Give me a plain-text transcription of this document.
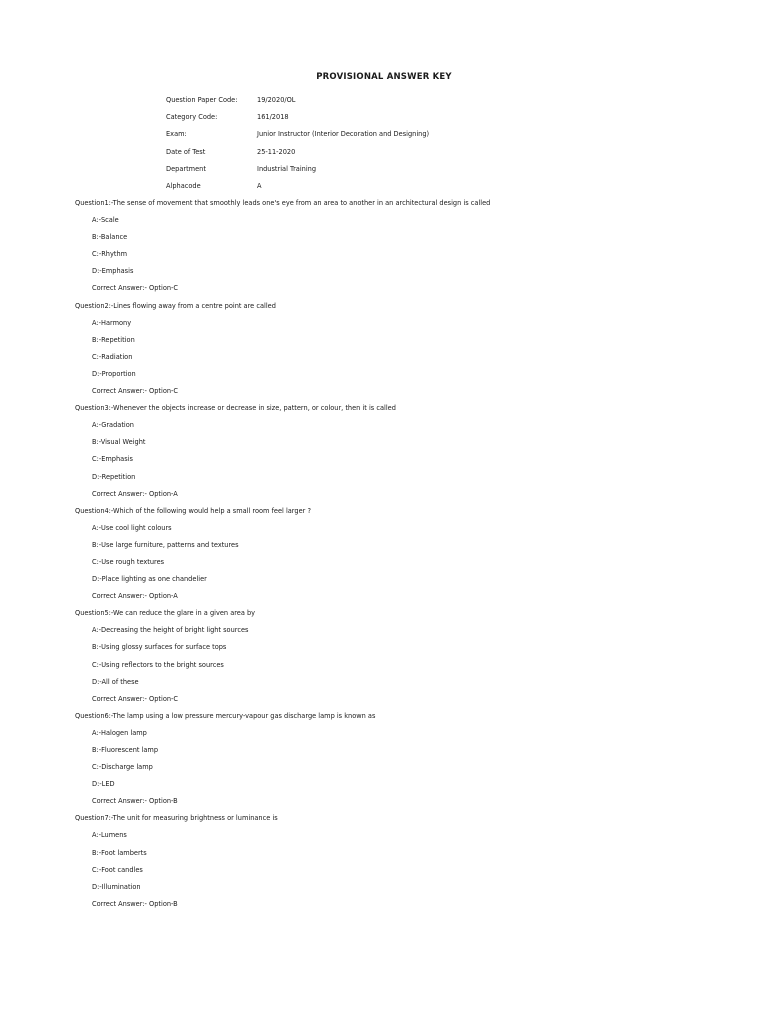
PROVISIONAL ANSWER KEY
Question Paper Code:	19/2020/OL
Category Code:	161/2018
Exam:	Junior Instructor (Interior Decoration and Designing)
Date of Test	25-11-2020
Department	Industrial Training
Alphacode	A
Question1:-The sense of movement that smoothly leads one's eye from an area to another in an architectural design is called
A:-Scale
B:-Balance
C:-Rhythm
D:-Emphasis
Correct Answer:- Option-C
Question2:-Lines flowing away from a centre point are called
A:-Harmony
B:-Repetition
C:-Radiation
D:-Proportion
Correct Answer:- Option-C
Question3:-Whenever the objects increase or decrease in size, pattern, or colour, then it is called
A:-Gradation
B:-Visual Weight
C:-Emphasis
D:-Repetition
Correct Answer:- Option-A
Question4:-Which of the following would help a small room feel larger ?
A:-Use cool light colours
B:-Use large furniture, patterns and textures
C:-Use rough textures
D:-Place lighting as one chandelier
Correct Answer:- Option-A
Question5:-We can reduce the glare in a given area by
A:-Decreasing the height of bright light sources
B:-Using glossy surfaces for surface tops
C:-Using reflectors to the bright sources
D:-All of these
Correct Answer:- Option-C
Question6:-The lamp using a low pressure mercury-vapour gas discharge lamp is known as
A:-Halogen lamp
B:-Fluorescent lamp
C:-Discharge lamp
D:-LED
Correct Answer:- Option-B
Question7:-The unit for measuring brightness or luminance is
A:-Lumens
B:-Foot lamberts
C:-Foot candles
D:-Illumination
Correct Answer:- Option-B
